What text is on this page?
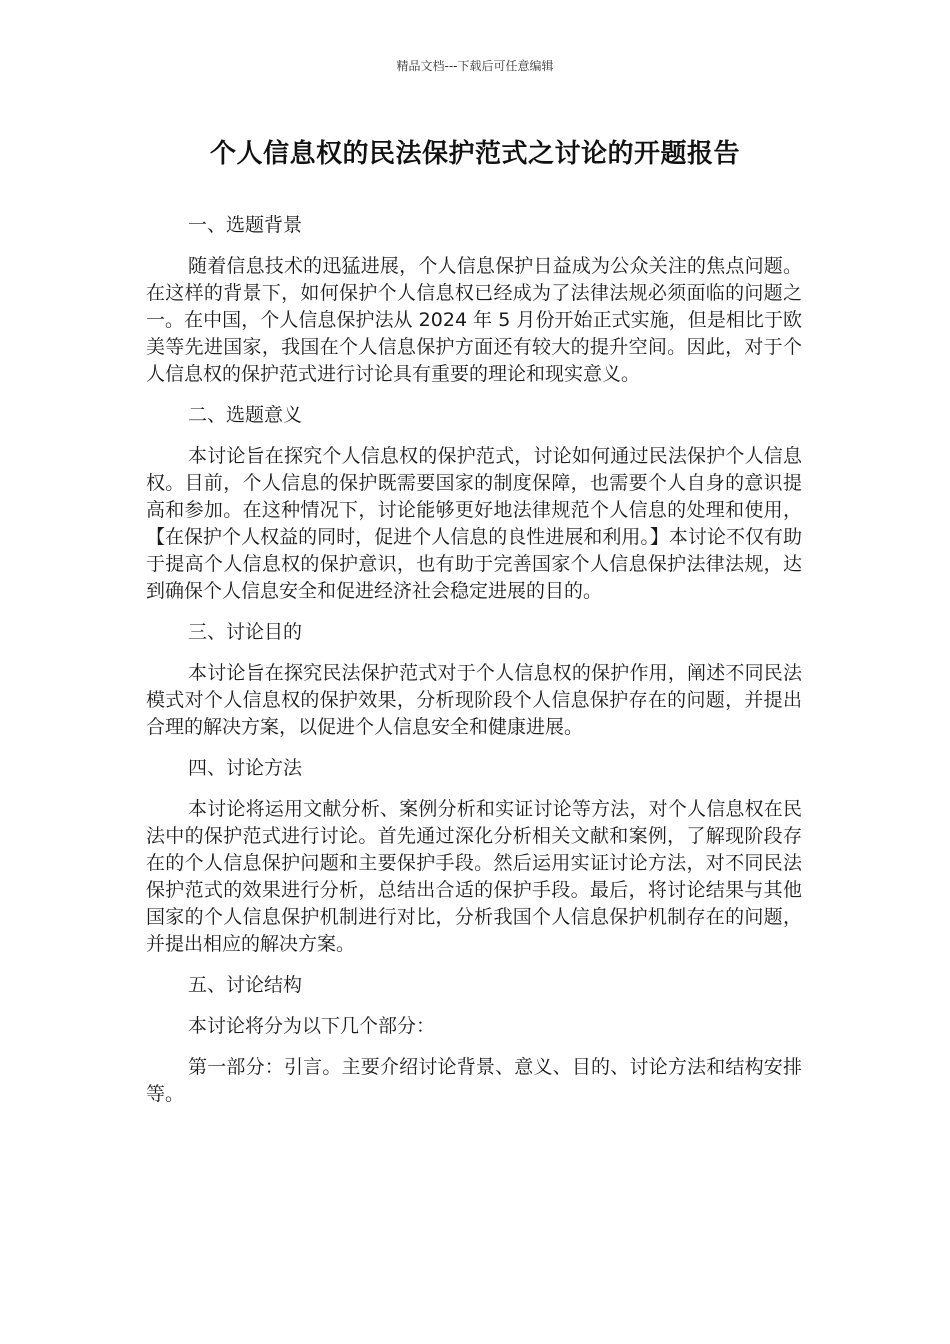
精品文档---下载后可任意编辑
个人信息权的民法保护范式之讨论的开题报告

一、选题背景

随着信息技术的迅猛进展，个人信息保护日益成为公众关注的焦点问题。在这样的背景下，如何保护个人信息权已经成为了法律法规必须面临的问题之一。在中国，个人信息保护法从 2024 年 5 月份开始正式实施，但是相比于欧美等先进国家，我国在个人信息保护方面还有较大的提升空间。因此，对于个人信息权的保护范式进行讨论具有重要的理论和现实意义。

二、选题意义

本讨论旨在探究个人信息权的保护范式，讨论如何通过民法保护个人信息权。目前，个人信息的保护既需要国家的制度保障，也需要个人自身的意识提高和参加。在这种情况下，讨论能够更好地法律规范个人信息的处理和使用，【在保护个人权益的同时，促进个人信息的良性进展和利用。】本讨论不仅有助于提高个人信息权的保护意识，也有助于完善国家个人信息保护法律法规，达到确保个人信息安全和促进经济社会稳定进展的目的。

三、讨论目的

本讨论旨在探究民法保护范式对于个人信息权的保护作用，阐述不同民法模式对个人信息权的保护效果，分析现阶段个人信息保护存在的问题，并提出合理的解决方案，以促进个人信息安全和健康进展。

四、讨论方法

本讨论将运用文献分析、案例分析和实证讨论等方法，对个人信息权在民法中的保护范式进行讨论。首先通过深化分析相关文献和案例，了解现阶段存在的个人信息保护问题和主要保护手段。然后运用实证讨论方法，对不同民法保护范式的效果进行分析，总结出合适的保护手段。最后，将讨论结果与其他国家的个人信息保护机制进行对比，分析我国个人信息保护机制存在的问题，并提出相应的解决方案。

五、讨论结构

本讨论将分为以下几个部分：

第一部分：引言。主要介绍讨论背景、意义、目的、讨论方法和结构安排等。
